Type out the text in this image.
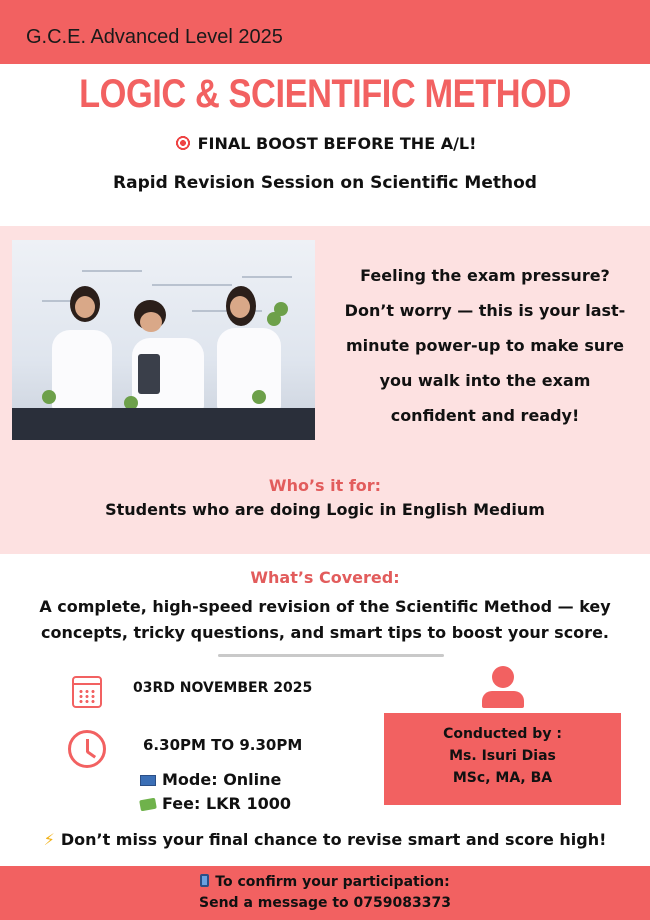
G.C.E. Advanced Level 2025
LOGIC & SCIENTIFIC METHOD
FINAL BOOST BEFORE THE A/L!
Rapid Revision Session on Scientific Method
Feeling the exam pressure?
Don’t worry — this is your last-
minute power-up to make sure
you walk into the exam
confident and ready!
Who’s it for:
Students who are doing Logic in English Medium
What’s Covered:
A complete, high-speed revision of the Scientific Method — key concepts, tricky questions, and smart tips to boost your score.
03RD NOVEMBER 2025
6.30PM TO 9.30PM
Mode: Online
Fee: LKR 1000
Conducted by :
Ms. Isuri Dias
MSc, MA, BA
⚡ Don’t miss your final chance to revise smart and score high!
To confirm your participation:
Send a message to 0759083373
